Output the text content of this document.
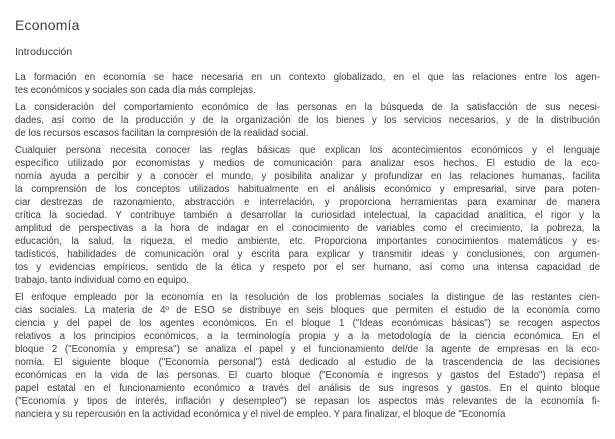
Economía
Introducción

La formación en economía se hace necesaria en un contexto globalizado, en el que las relaciones entre los agen-
tes económicos y sociales son cada día más complejas.

La consideración del comportamiento económico de las personas en la búsqueda de la satisfacción de sus necesi-
dades, así como de la producción y de la organización de los bienes y los servicios necesarios, y de la distribución
de los recursos escasos facilitan la compresión de la realidad social.

Cualquier persona necesita conocer las reglas básicas que explican los acontecimientos económicos y el lenguaje
específico utilizado por economistas y medios de comunicación para analizar esos hechos. El estudio de la eco-
nomía ayuda a percibir y a conocer el mundo, y posibilita analizar y profundizar en las relaciones humanas, facilita
la comprensión de los conceptos utilizados habitualmente en el análisis económico y empresarial, sirve para poten-
ciar destrezas de razonamiento, abstracción e interrelación, y proporciona herramientas para examinar de manera
crítica la sociedad. Y contribuye también a desarrollar la curiosidad intelectual, la capacidad analítica, el rigor y la
amplitud de perspectivas a la hora de indagar en el conocimiento de variables como el crecimiento, la pobreza, la
educación, la salud, la riqueza, el medio ambiente, etc. Proporciona importantes conocimientos matemáticos y es-
tadísticos, habilidades de comunicación oral y escrita para explicar y transmitir ideas y conclusiones, con argumen-
tos y evidencias empíricos, sentido de la ética y respeto por el ser humano, así como una intensa capacidad de
trabajo, tanto individual como en equipo.

El enfoque empleado por la economía en la resolución de los problemas sociales la distingue de las restantes cien-
cias sociales. La materia de 4º de ESO se distribuye en seis bloques que permiten el estudio de la economía como
ciencia y del papel de los agentes económicos. En el bloque 1 ("Ideas económicas básicas") se recogen aspectos
relativos a los principios económicos, a la terminología propia y a la metodología de la ciencia económica. En el
bloque 2 ("Economía y empresa") se analiza el papel y el funcionamiento del/de la agente de empresas en la eco-
nomía. El siguiente bloque ("Economía personal") está dedicado al estudio de la trascendencia de las decisiones
económicas en la vida de las personas. El cuarto bloque ("Economía e ingresos y gastos del Estado") repasa el
papel estatal en el funcionamiento económico a través del análisis de sus ingresos y gastos. En el quinto bloque
("Economía y tipos de interés, inflación y desempleo") se repasan los aspectos más relevantes de la economía fi-
nanciera y su repercusión en la actividad económica y el nivel de empleo. Y para finalizar, el bloque de "Economía
